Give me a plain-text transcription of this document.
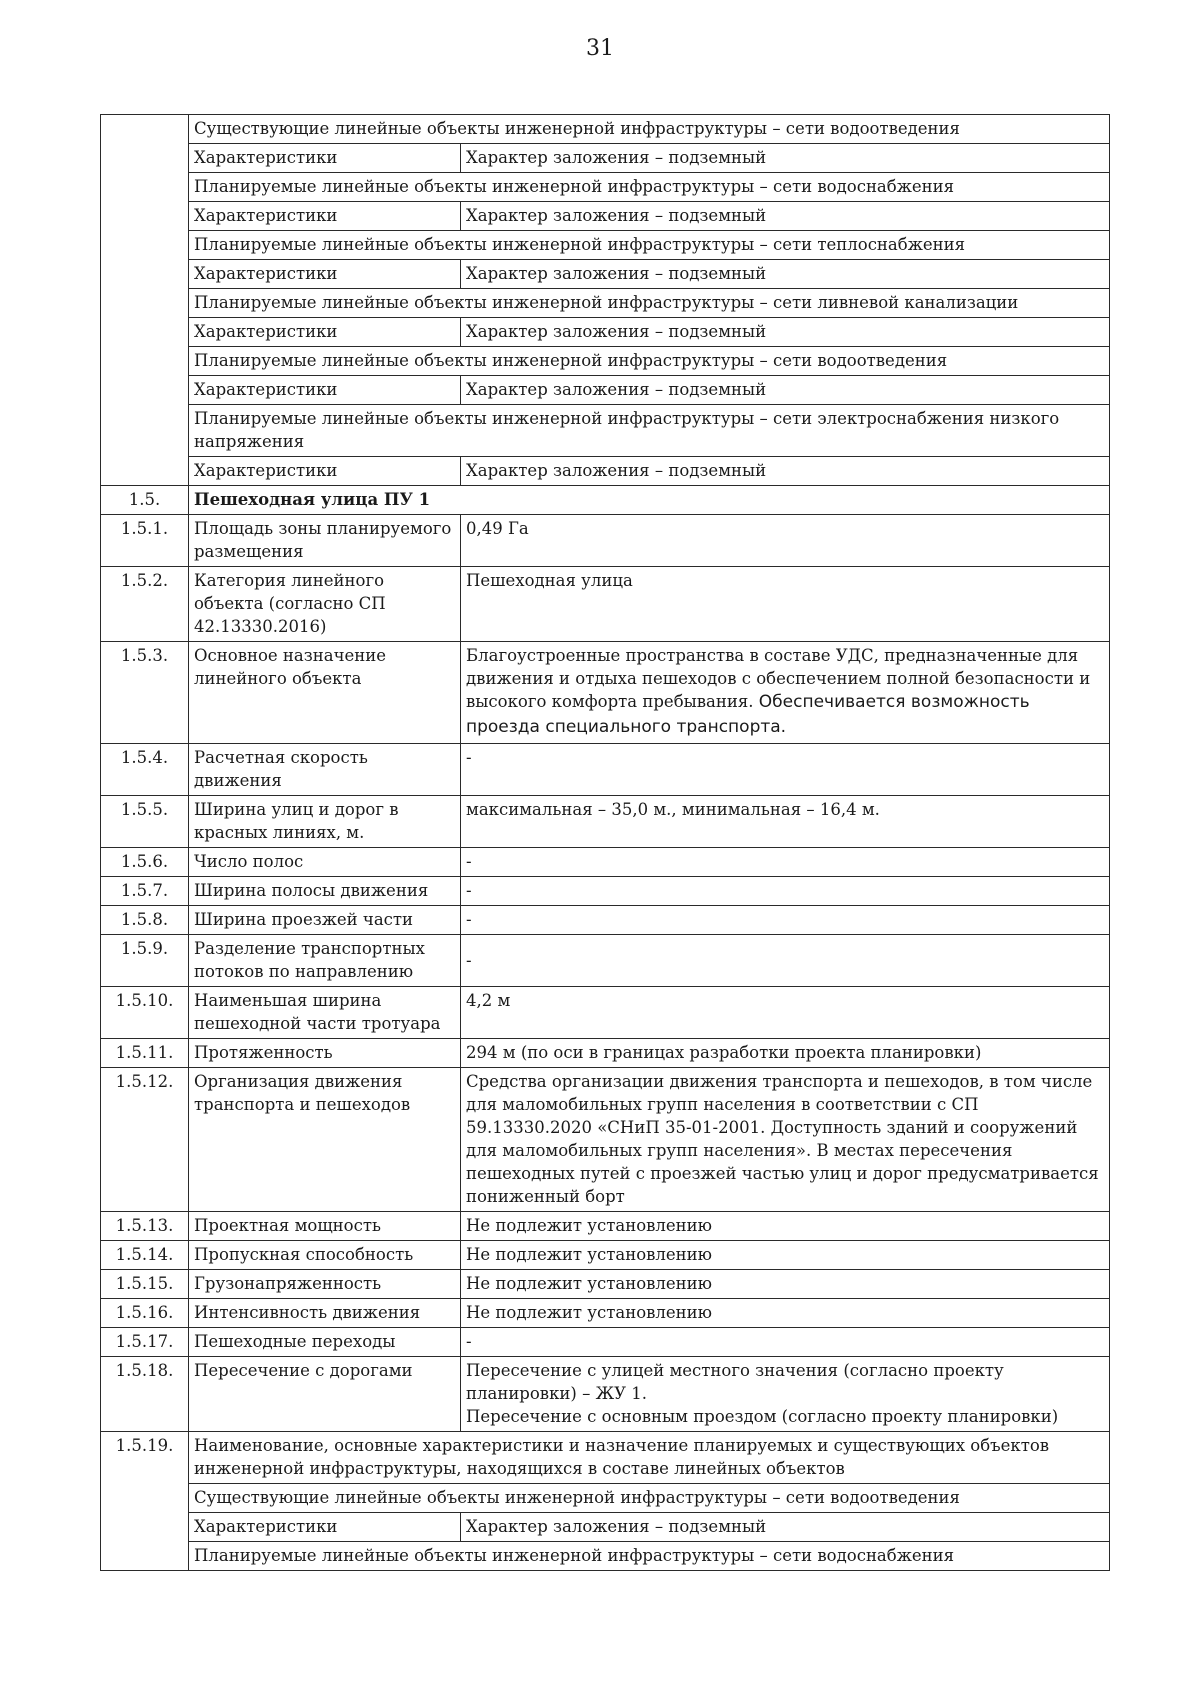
31
	Существующие линейные объекты инженерной инфраструктуры – сети водоотведения	
	Характеристики	Характер заложения – подземный
	Планируемые линейные объекты инженерной инфраструктуры – сети водоснабжения	
	Характеристики	Характер заложения – подземный
	Планируемые линейные объекты инженерной инфраструктуры – сети теплоснабжения	
	Характеристики	Характер заложения – подземный
	Планируемые линейные объекты инженерной инфраструктуры – сети ливневой канализации	
	Характеристики	Характер заложения – подземный
	Планируемые линейные объекты инженерной инфраструктуры – сети водоотведения	
	Характеристики	Характер заложения – подземный
	Планируемые линейные объекты инженерной инфраструктуры – сети электроснабжения низкого напряжения	
	Характеристики	Характер заложения – подземный
1.5.	Пешеходная улица ПУ 1	
1.5.1.	Площадь зоны планируемого размещения	0,49 Га
1.5.2.	Категория линейного объекта (согласно СП 42.13330.2016)	Пешеходная улица
1.5.3.	Основное назначение линейного объекта	Благоустроенные пространства в составе УДС, предназначенные для движения и отдыха пешеходов с обеспечением полной безопасности и высокого комфорта пребывания. Обеспечивается возможность проезда специального транспорта.
1.5.4.	Расчетная скорость движения	-
1.5.5.	Ширина улиц и дорог в красных линиях, м.	максимальная – 35,0 м., минимальная – 16,4 м.
1.5.6.	Число полос	-
1.5.7.	Ширина полосы движения	-
1.5.8.	Ширина проезжей части	-
1.5.9.	Разделение транспортных потоков по направлению	-
1.5.10.	Наименьшая ширина пешеходной части тротуара	4,2 м
1.5.11.	Протяженность	294 м (по оси в границах разработки проекта планировки)
1.5.12.	Организация движения транспорта и пешеходов	Средства организации движения транспорта и пешеходов, в том числе для маломобильных групп населения в соответствии с СП 59.13330.2020 «СНиП 35-01-2001. Доступность зданий и сооружений для маломобильных групп населения». В местах пересечения пешеходных путей с проезжей частью улиц и дорог предусматривается пониженный борт
1.5.13.	Проектная мощность	Не подлежит установлению
1.5.14.	Пропускная способность	Не подлежит установлению
1.5.15.	Грузонапряженность	Не подлежит установлению
1.5.16.	Интенсивность движения	Не подлежит установлению
1.5.17.	Пешеходные переходы	-
1.5.18.	Пересечение с дорогами	Пересечение с улицей местного значения (согласно проекту планировки) – ЖУ 1.
Пересечение с основным проездом (согласно проекту планировки)

1.5.19.	Наименование, основные характеристики и назначение планируемых и существующих объектов инженерной инфраструктуры, находящихся в составе линейных объектов	
	Существующие линейные объекты инженерной инфраструктуры – сети водоотведения	
	Характеристики	Характер заложения – подземный
	Планируемые линейные объекты инженерной инфраструктуры – сети водоснабжения	
